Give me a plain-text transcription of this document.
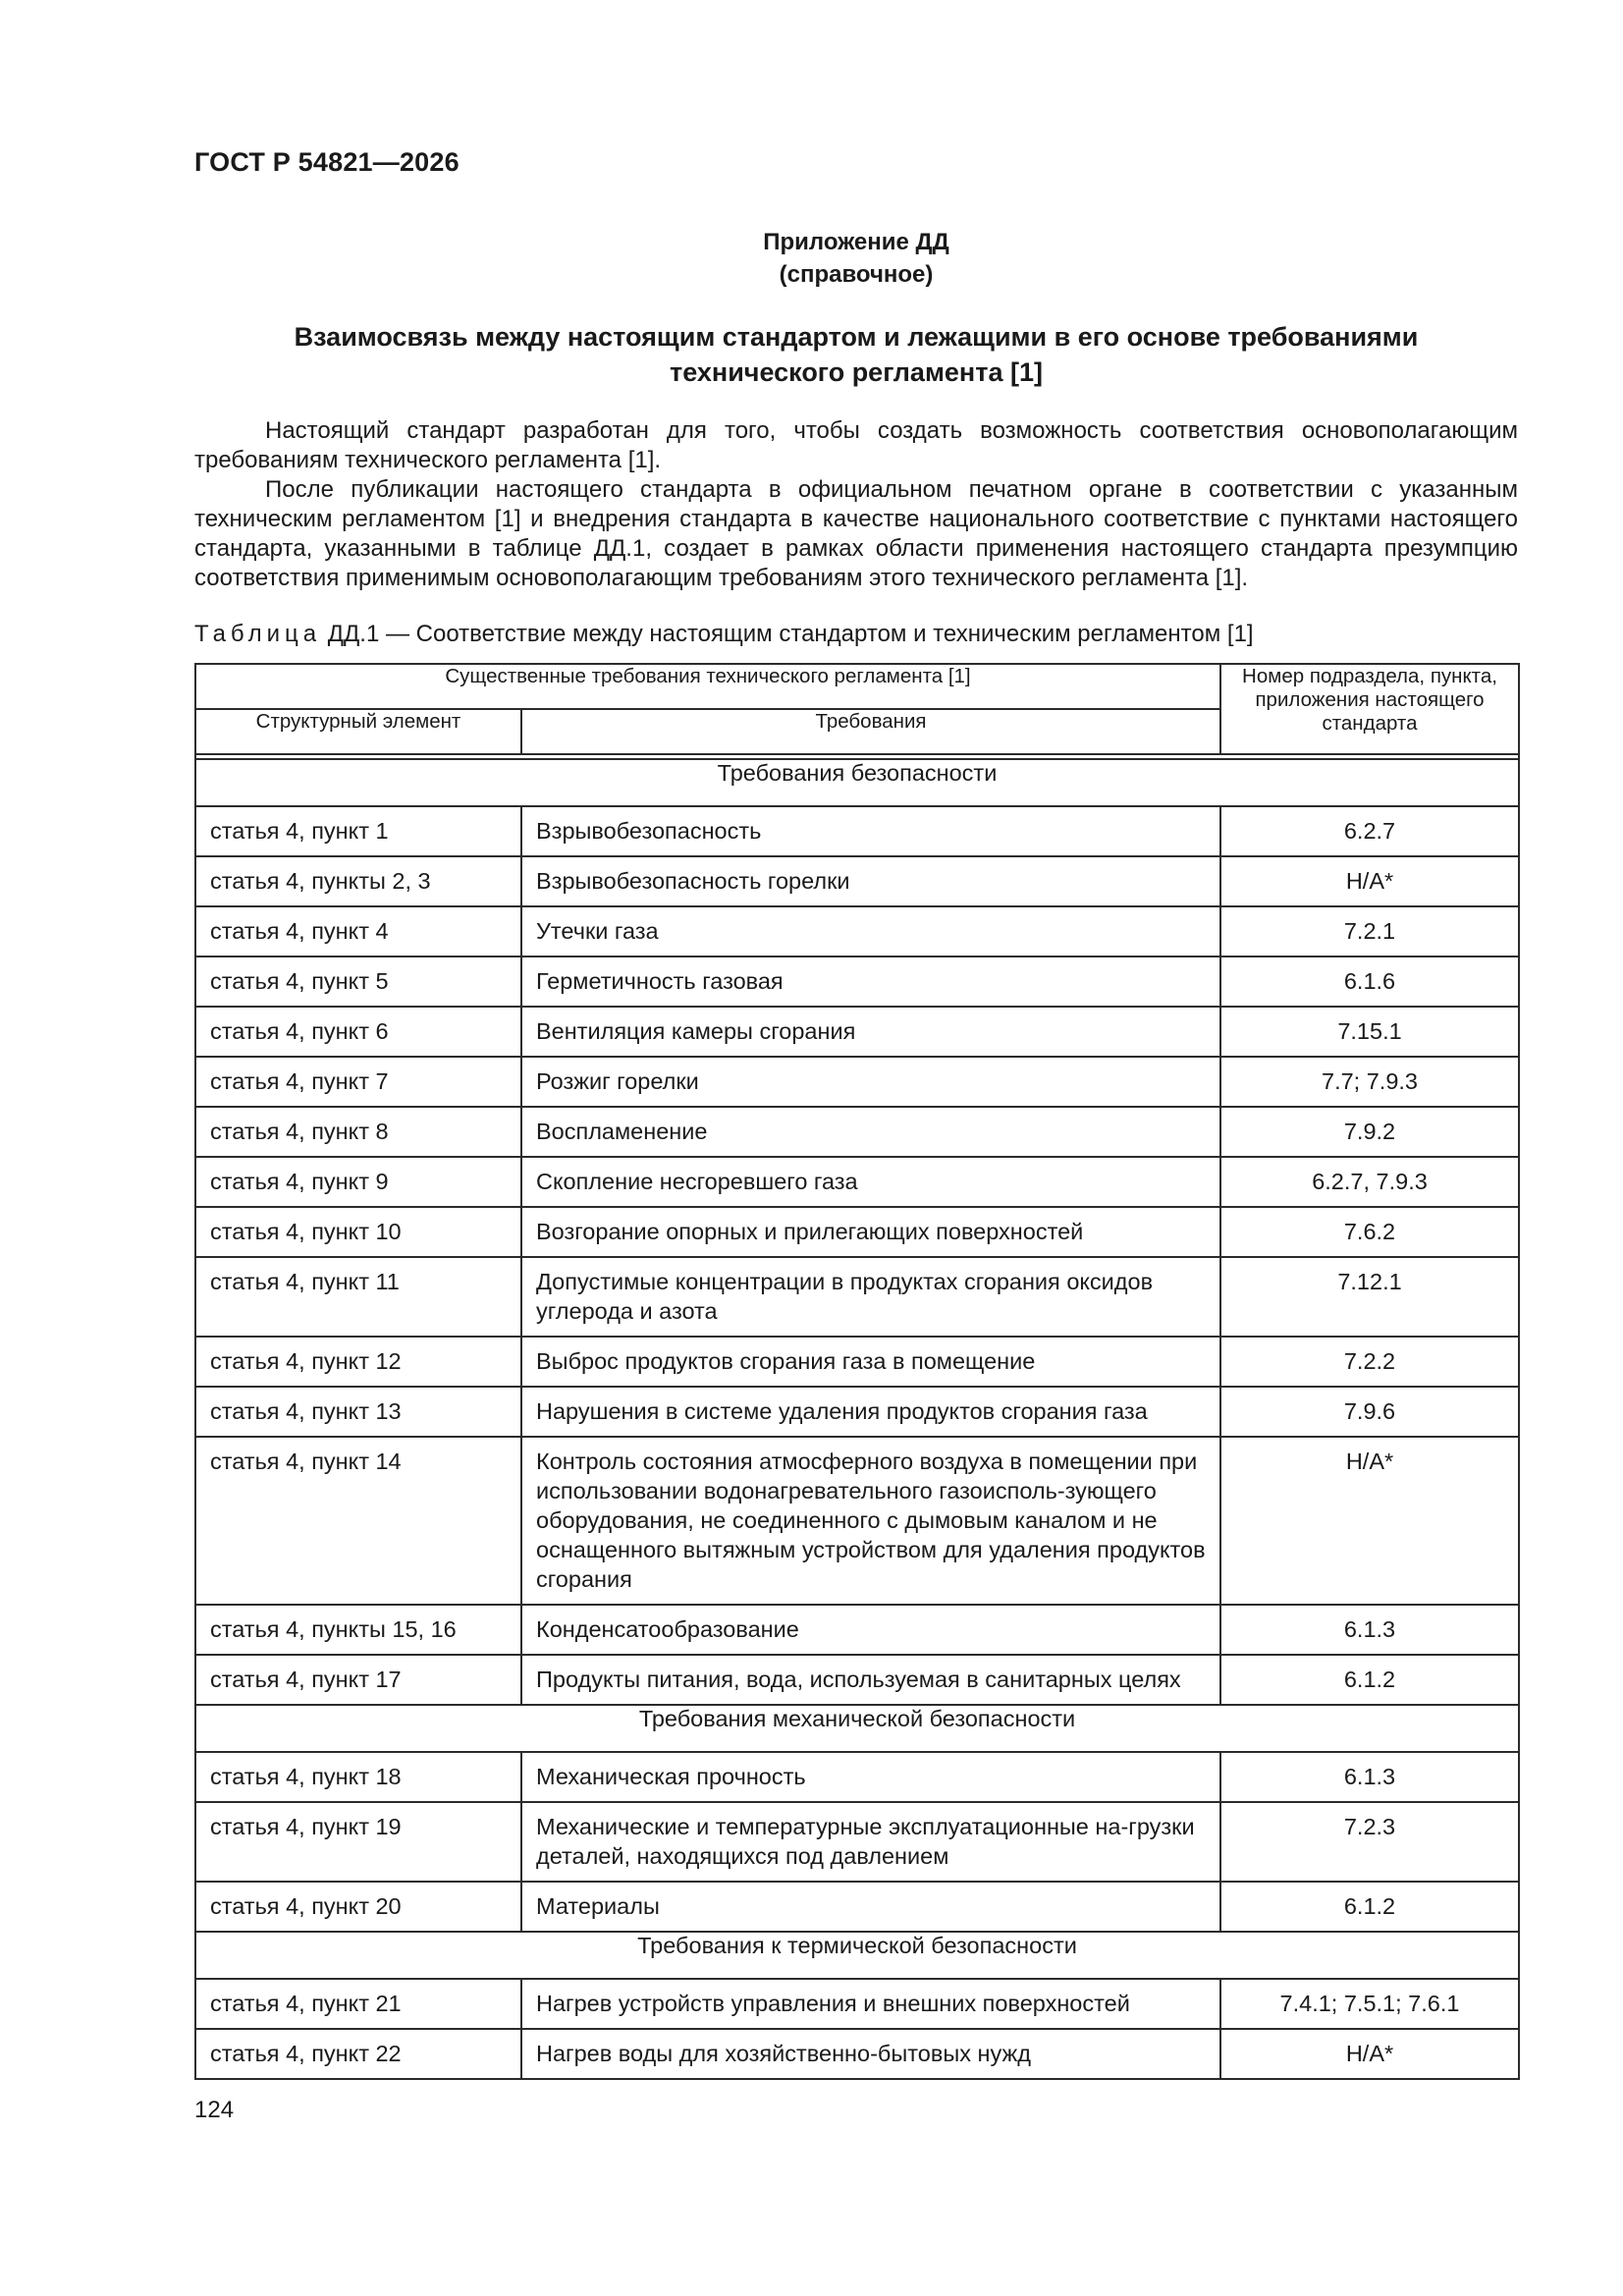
ГОСТ Р 54821—2026
Приложение ДД
(справочное)
Взаимосвязь между настоящим стандартом и лежащими в его основе требованиями
технического регламента [1]

Настоящий стандарт разработан для того, чтобы создать возможность соответствия основополагающим требованиям технического регламента [1].

После публикации настоящего стандарта в официальном печатном органе в соответствии с указанным техническим регламентом [1] и внедрения стандарта в качестве национального соответствие с пунктами настоящего стандарта, указанными в таблице ДД.1, создает в рамках области применения настоящего стандарта презумпцию соответствия применимым основополагающим требованиям этого технического регламента [1].

Таблица ДД.1 — Соответствие между настоящим стандартом и техническим регламентом [1]
Существенные требования технического регламента [1]		Номер подраздела, пункта, приложения настоящего стандарта
Структурный элемент	Требования	

Требования безопасности		
статья 4, пункт 1	Взрывобезопасность	6.2.7
статья 4, пункты 2, 3	Взрывобезопасность горелки	Н/А*
статья 4, пункт 4	Утечки газа	7.2.1
статья 4, пункт 5	Герметичность газовая	6.1.6
статья 4, пункт 6	Вентиляция камеры сгорания	7.15.1
статья 4, пункт 7	Розжиг горелки	7.7; 7.9.3
статья 4, пункт 8	Воспламенение	7.9.2
статья 4, пункт 9	Скопление несгоревшего газа	6.2.7, 7.9.3
статья 4, пункт 10	Возгорание опорных и прилегающих поверхностей	7.6.2
статья 4, пункт 11	Допустимые концентрации в продуктах сгорания оксидов углерода и азота	7.12.1
статья 4, пункт 12	Выброс продуктов сгорания газа в помещение	7.2.2
статья 4, пункт 13	Нарушения в системе удаления продуктов сгорания газа	7.9.6
статья 4, пункт 14	Контроль состояния атмосферного воздуха в помещении при использовании водонагревательного газоисполь-зующего оборудования, не соединенного с дымовым каналом и не оснащенного вытяжным устройством для удаления продуктов сгорания	Н/А*
статья 4, пункты 15, 16	Конденсатообразование	6.1.3
статья 4, пункт 17	Продукты питания, вода, используемая в санитарных целях	6.1.2
Требования механической безопасности		
статья 4, пункт 18	Механическая прочность	6.1.3
статья 4, пункт 19	Механические и температурные эксплуатационные на-грузки деталей, находящихся под давлением	7.2.3
статья 4, пункт 20	Материалы	6.1.2
Требования к термической безопасности		
статья 4, пункт 21	Нагрев устройств управления и внешних поверхностей	7.4.1; 7.5.1; 7.6.1
статья 4, пункт 22	Нагрев воды для хозяйственно-бытовых нужд	Н/А*
124
